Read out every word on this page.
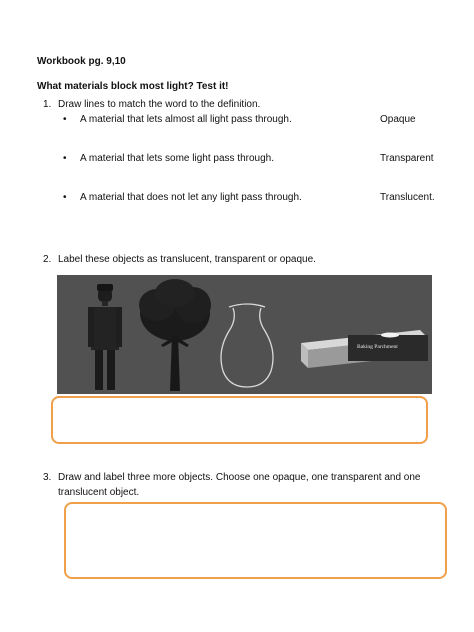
Workbook pg. 9,10
What materials block most light? Test it!
1. Draw lines to match the word to the definition.
• A material that lets almost all light pass through.	Opaque
• A material that lets some light pass through.	Transparent
• A material that does not let any light pass through.	Translucent.
2. Label these objects as translucent, transparent or opaque.
Baking Parchment
3. Draw and label three more objects. Choose one opaque, one transparent and one
translucent object.
